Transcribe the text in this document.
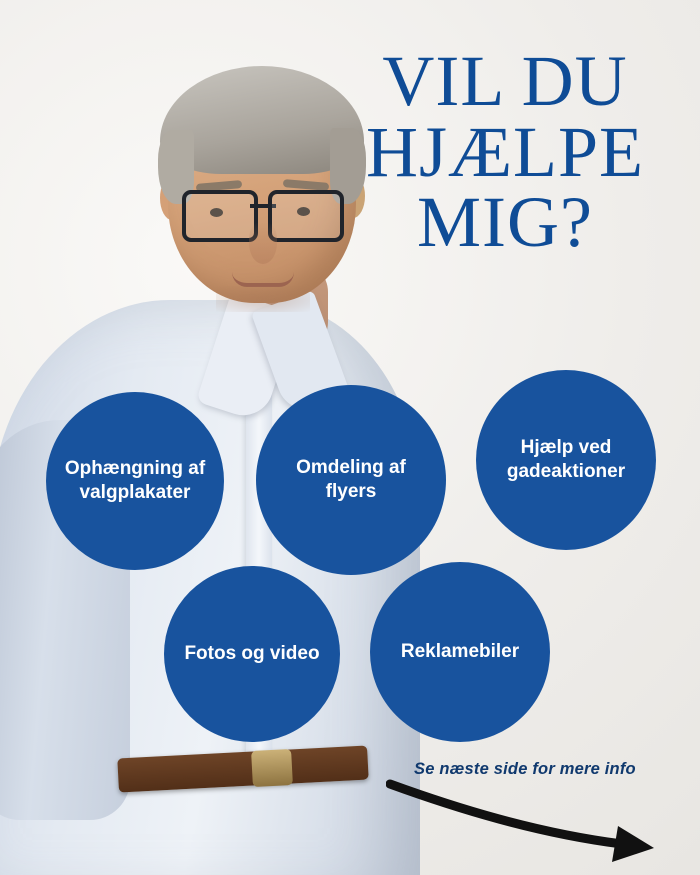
VIL DU
HJÆLPE
MIG?
Ophængning af valgplakater
Omdeling af flyers
Hjælp ved gadeaktioner
Fotos og video	Reklamebiler
Se næste side for mere info
